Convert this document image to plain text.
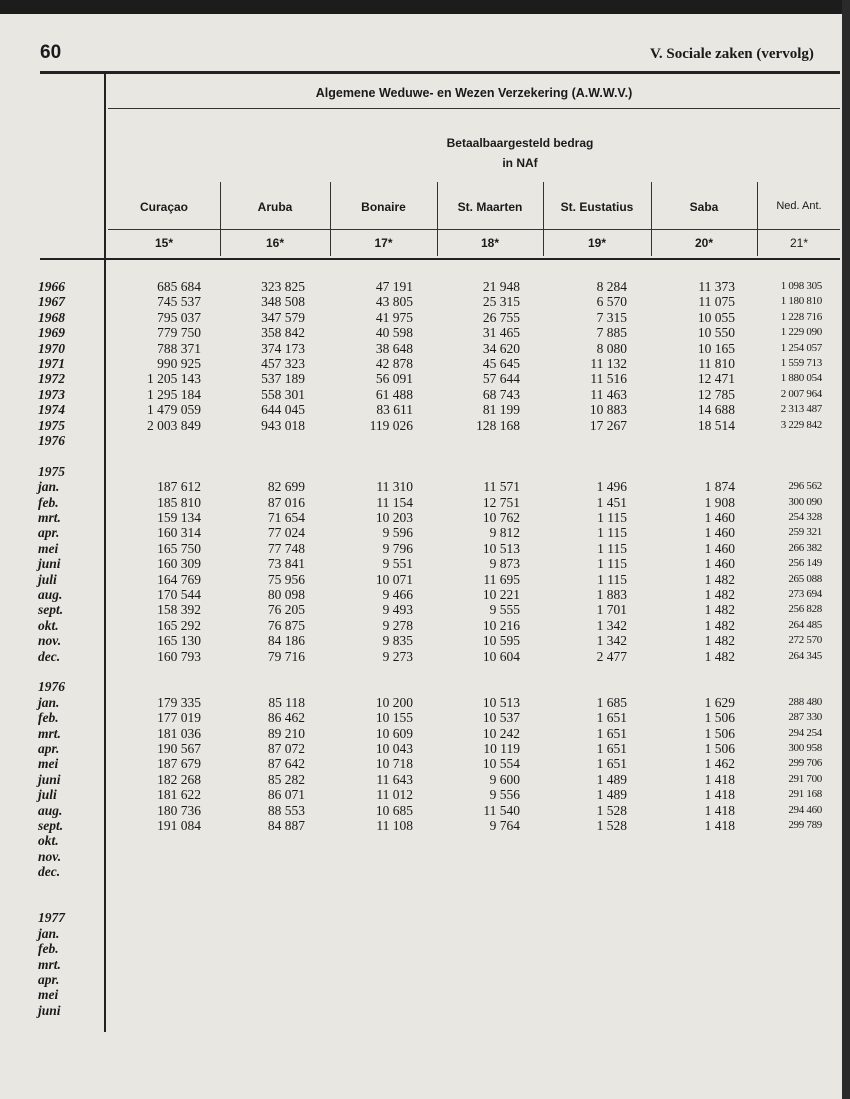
60	V. Sociale zaken (vervolg)
Algemene Weduwe- en Wezen Verzekering (A.W.W.V.)
Betaalbaargesteld bedrag
in NAf
Curaçao	Aruba	Bonaire	St. Maarten	St. Eustatius	Saba	Ned. Ant.
15*	16*	17*	18*	19*	20*	21*
1966	685 684	323 825	47 191	21 948	8 284	11 373	1 098 305
1967	745 537	348 508	43 805	25 315	6 570	11 075	1 180 810
1968	795 037	347 579	41 975	26 755	7 315	10 055	1 228 716
1969	779 750	358 842	40 598	31 465	7 885	10 550	1 229 090
1970	788 371	374 173	38 648	34 620	8 080	10 165	1 254 057
1971	990 925	457 323	42 878	45 645	11 132	11 810	1 559 713
1972	1 205 143	537 189	56 091	57 644	11 516	12 471	1 880 054
1973	1 295 184	558 301	61 488	68 743	11 463	12 785	2 007 964
1974	1 479 059	644 045	83 611	81 199	10 883	14 688	2 313 487
1975	2 003 849	943 018	119 026	128 168	17 267	18 514	3 229 842
1976
1975
jan.	187 612	82 699	11 310	11 571	1 496	1 874	296 562
feb.	185 810	87 016	11 154	12 751	1 451	1 908	300 090
mrt.	159 134	71 654	10 203	10 762	1 115	1 460	254 328
apr.	160 314	77 024	9 596	9 812	1 115	1 460	259 321
mei	165 750	77 748	9 796	10 513	1 115	1 460	266 382
juni	160 309	73 841	9 551	9 873	1 115	1 460	256 149
juli	164 769	75 956	10 071	11 695	1 115	1 482	265 088
aug.	170 544	80 098	9 466	10 221	1 883	1 482	273 694
sept.	158 392	76 205	9 493	9 555	1 701	1 482	256 828
okt.	165 292	76 875	9 278	10 216	1 342	1 482	264 485
nov.	165 130	84 186	9 835	10 595	1 342	1 482	272 570
dec.	160 793	79 716	9 273	10 604	2 477	1 482	264 345
1976
jan.	179 335	85 118	10 200	10 513	1 685	1 629	288 480
feb.	177 019	86 462	10 155	10 537	1 651	1 506	287 330
mrt.	181 036	89 210	10 609	10 242	1 651	1 506	294 254
apr.	190 567	87 072	10 043	10 119	1 651	1 506	300 958
mei	187 679	87 642	10 718	10 554	1 651	1 462	299 706
juni	182 268	85 282	11 643	9 600	1 489	1 418	291 700
juli	181 622	86 071	11 012	9 556	1 489	1 418	291 168
aug.	180 736	88 553	10 685	11 540	1 528	1 418	294 460
sept.	191 084	84 887	11 108	9 764	1 528	1 418	299 789
okt.
nov.
dec.
1977
jan.
feb.
mrt.
apr.
mei
juni
